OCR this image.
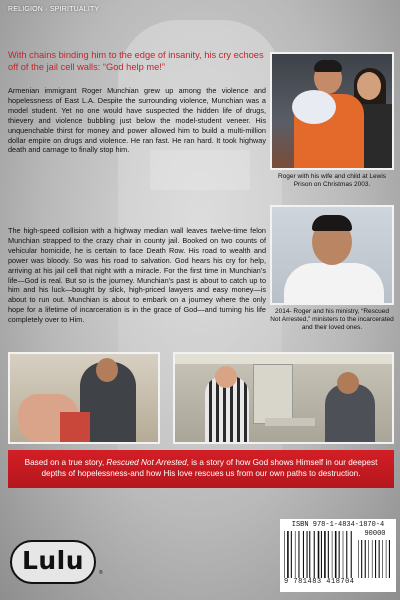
RELIGION · SPIRITUALITY
With chains binding him to the edge of insanity, his cry echoes off of the jail cell walls: “God help me!”
Armenian immigrant Roger Munchian grew up among the violence and hopelessness of East L.A. Despite the surrounding violence, Munchian was a model student. Yet no one would have suspected the hidden life of drugs, thievery and violence bubbling just below the model-student veneer. His unquenchable thirst for money and power allowed him to build a multi-million dollar empire on drugs and violence. He ran fast. He ran hard. It took highway death and carnage to finally stop him.
The high-speed collision with a highway median wall leaves twelve-time felon Munchian strapped to the crazy chair in county jail. Booked on two counts of vehicular homicide, he is certain to face Death Row. His road to wealth and power was bloody. So was his road to salvation. God hears his cry for help, arriving at his jail cell that night with a miracle. For the first time in Munchian’s life—God is real. But so is the journey. Munchian’s past is about to catch up to him and his luck—bought by slick, high-priced lawyers and easy money—is about to run out. Munchian is about to embark on a journey where the only hope for a lifetime of incarceration is in the grace of God—and turning his life completely over to Him.
Roger with his wife and child at Lewis Prison on Christmas 2003.
2014- Roger and his ministry, “Rescued Not Arrested,” ministers to the incarcerated and their loved ones.
Based on a true story, Rescued Not Arrested, is a story of how God shows Himself in our deepest depths of hopelessness-and how His love rescues us from our own paths to destruction.
Lulu	®
ISBN 978-1-4834-1870-4
90000
9 781483 418704
